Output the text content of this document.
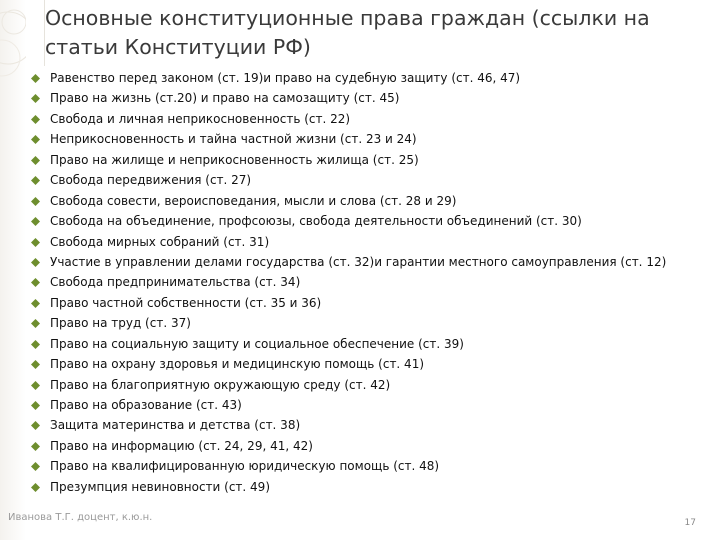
Основные конституционные права граждан (ссылки на
статьи Конституции РФ)
Равенство перед законом (ст. 19)и право на судебную защиту (ст. 46, 47)
Право на жизнь (ст.20) и право на самозащиту (ст. 45)
Свобода и личная неприкосновенность (ст. 22)
Неприкосновенность и тайна частной жизни (ст. 23 и 24)
Право на жилище и неприкосновенность жилища (ст. 25)
Свобода передвижения (ст. 27)
Свобода совести, вероисповедания, мысли и слова (ст. 28 и 29)
Свобода на объединение, профсоюзы, свобода деятельности объединений (ст. 30)
Свобода мирных собраний (ст. 31)
Участие в управлении делами государства (ст. 32)и гарантии местного самоуправления (ст. 12)
Свобода предпринимательства (ст. 34)
Право частной собственности (ст. 35 и 36)
Право на труд (ст. 37)
Право на социальную защиту и социальное обеспечение (ст. 39)
Право на охрану здоровья и медицинскую помощь (ст. 41)
Право на благоприятную окружающую среду (ст. 42)
Право на образование (ст. 43)
Защита материнства и детства (ст. 38)
Право на информацию (ст. 24, 29, 41, 42)
Право на квалифицированную юридическую помощь (ст. 48)
Презумпция невиновности (ст. 49)
Иванова Т.Г. доцент, к.ю.н.	17
